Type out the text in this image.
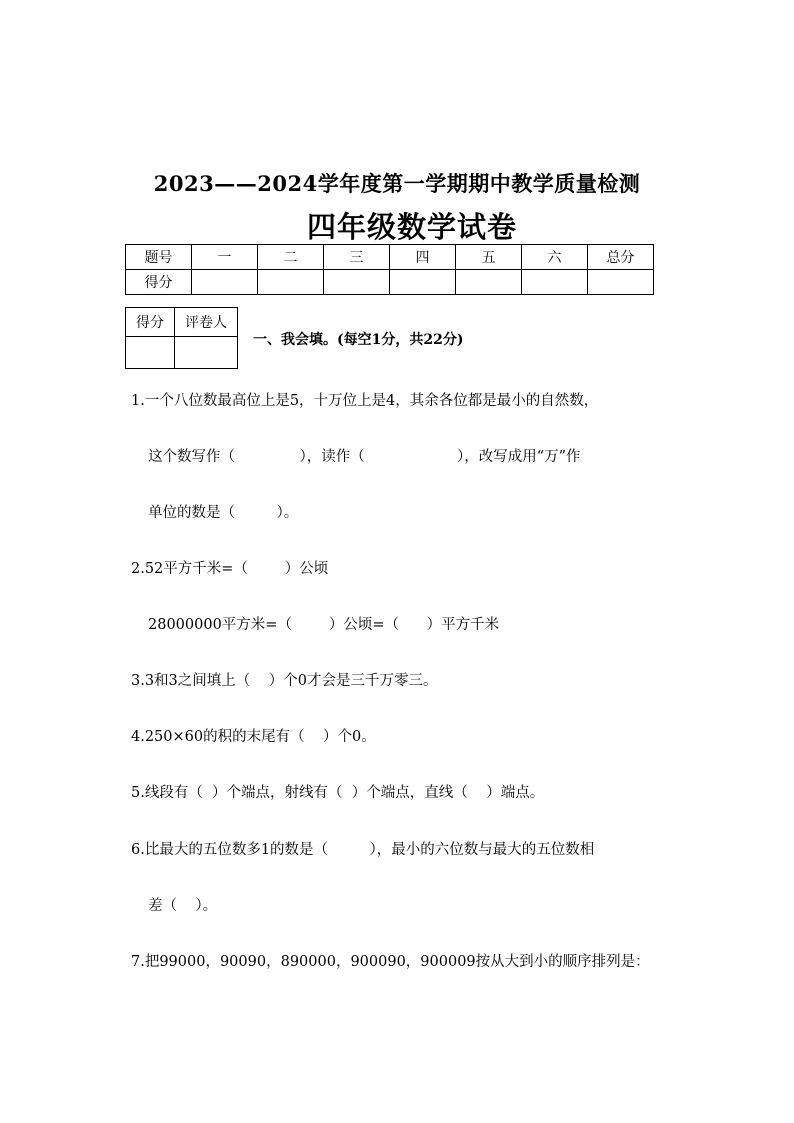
2023——2024学年度第一学期期中教学质量检测
四年级数学试卷
题号	一	二	三	四	五	六	总分
得分							
得分	评卷人

一、我会填。(每空1分，共22分)
1.一个八位数最高位上是5，十万位上是4，其余各位都是最小的自然数，
这个数写作（              ），读作（                    ），改写成用“万”作
单位的数是（         ）。
2.52平方千米=（        ）公顷
28000000平方米=（        ）公顷=（      ）平方千米
3.3和3之间填上（    ）个0才会是三千万零三。
4.250×60的积的末尾有（    ）个0。
5.线段有（  ）个端点，射线有（  ）个端点，直线（    ）端点。
6.比最大的五位数多1的数是（         ），最小的六位数与最大的五位数相
差（    ）。
7.把99000，90090，890000，900090，900009按从大到小的顺序排列是：
